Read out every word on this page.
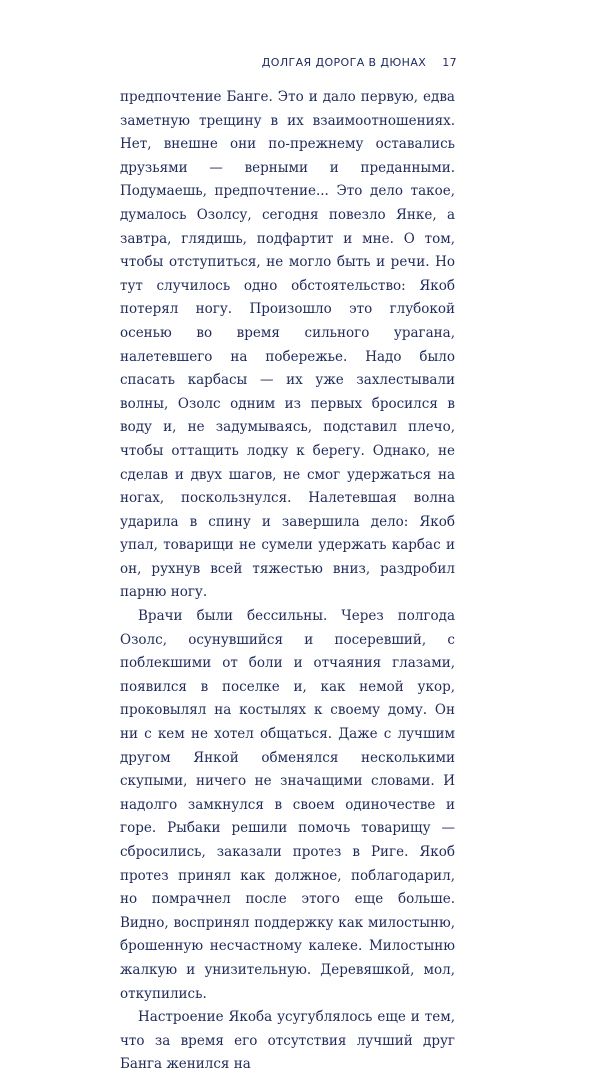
ДОЛГАЯ ДОРОГА В ДЮНАХ 17

предпочтение Банге. Это и дало первую, едва заметную трещину в их взаимоотношениях. Нет, внешне они по-прежнему оставались друзьями — верными и преданными. Подумаешь, предпочтение... Это дело такое, думалось Озолсу, сегодня повезло Янке, а завтра, глядишь, подфартит и мне. О том, чтобы отступиться, не могло быть и речи. Но тут случилось одно обстоятельство: Якоб потерял ногу. Произошло это глубокой осенью во время сильного урагана, налетевшего на побережье. Надо было спасать карбасы — их уже захлестывали волны, Озолс одним из первых бросился в воду и, не задумываясь, подставил плечо, чтобы оттащить лодку к берегу. Однако, не сделав и двух шагов, не смог удержаться на ногах, поскользнулся. Налетевшая волна ударила в спину и завершила дело: Якоб упал, товарищи не сумели удержать карбас и он, рухнув всей тяжестью вниз, раздробил парню ногу.

Врачи были бессильны. Через полгода Озолс, осунувшийся и посеревший, с поблекшими от боли и отчаяния глазами, появился в поселке и, как немой укор, проковылял на костылях к своему дому. Он ни с кем не хотел общаться. Даже с лучшим другом Янкой обменялся несколькими скупыми, ничего не значащими словами. И надолго замкнулся в своем одиночестве и горе. Рыбаки решили помочь товарищу — сбросились, заказали протез в Риге. Якоб протез принял как должное, поблагодарил, но помрачнел после этого еще больше. Видно, воспринял поддержку как милостыню, брошенную несчастному калеке. Милостыню жалкую и унизительную. Деревяшкой, мол, откупились.

Настроение Якоба усугублялось еще и тем, что за время его отсутствия лучший друг Банга женился на
